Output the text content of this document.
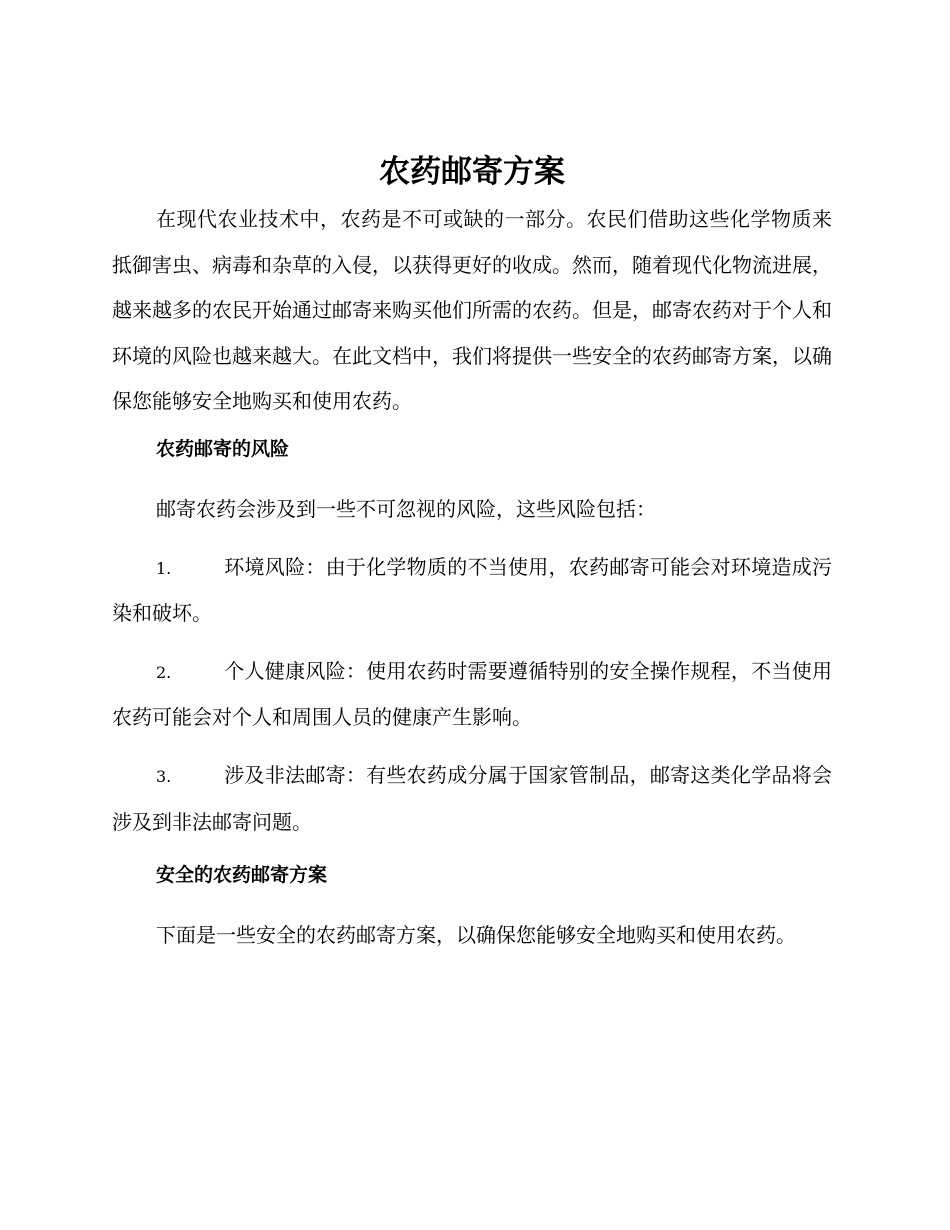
农药邮寄方案

在现代农业技术中，农药是不可或缺的一部分。农民们借助这些化学物质来抵御害虫、病毒和杂草的入侵，以获得更好的收成。然而，随着现代化物流进展，越来越多的农民开始通过邮寄来购买他们所需的农药。但是，邮寄农药对于个人和环境的风险也越来越大。在此文档中，我们将提供一些安全的农药邮寄方案，以确保您能够安全地购买和使用农药。

农药邮寄的风险

邮寄农药会涉及到一些不可忽视的风险，这些风险包括：

1.	环境风险：由于化学物质的不当使用，农药邮寄可能会对环境造成污染和破坏。

2.	个人健康风险：使用农药时需要遵循特别的安全操作规程，不当使用农药可能会对个人和周围人员的健康产生影响。

3.	涉及非法邮寄：有些农药成分属于国家管制品，邮寄这类化学品将会涉及到非法邮寄问题。

安全的农药邮寄方案

下面是一些安全的农药邮寄方案，以确保您能够安全地购买和使用农药。
